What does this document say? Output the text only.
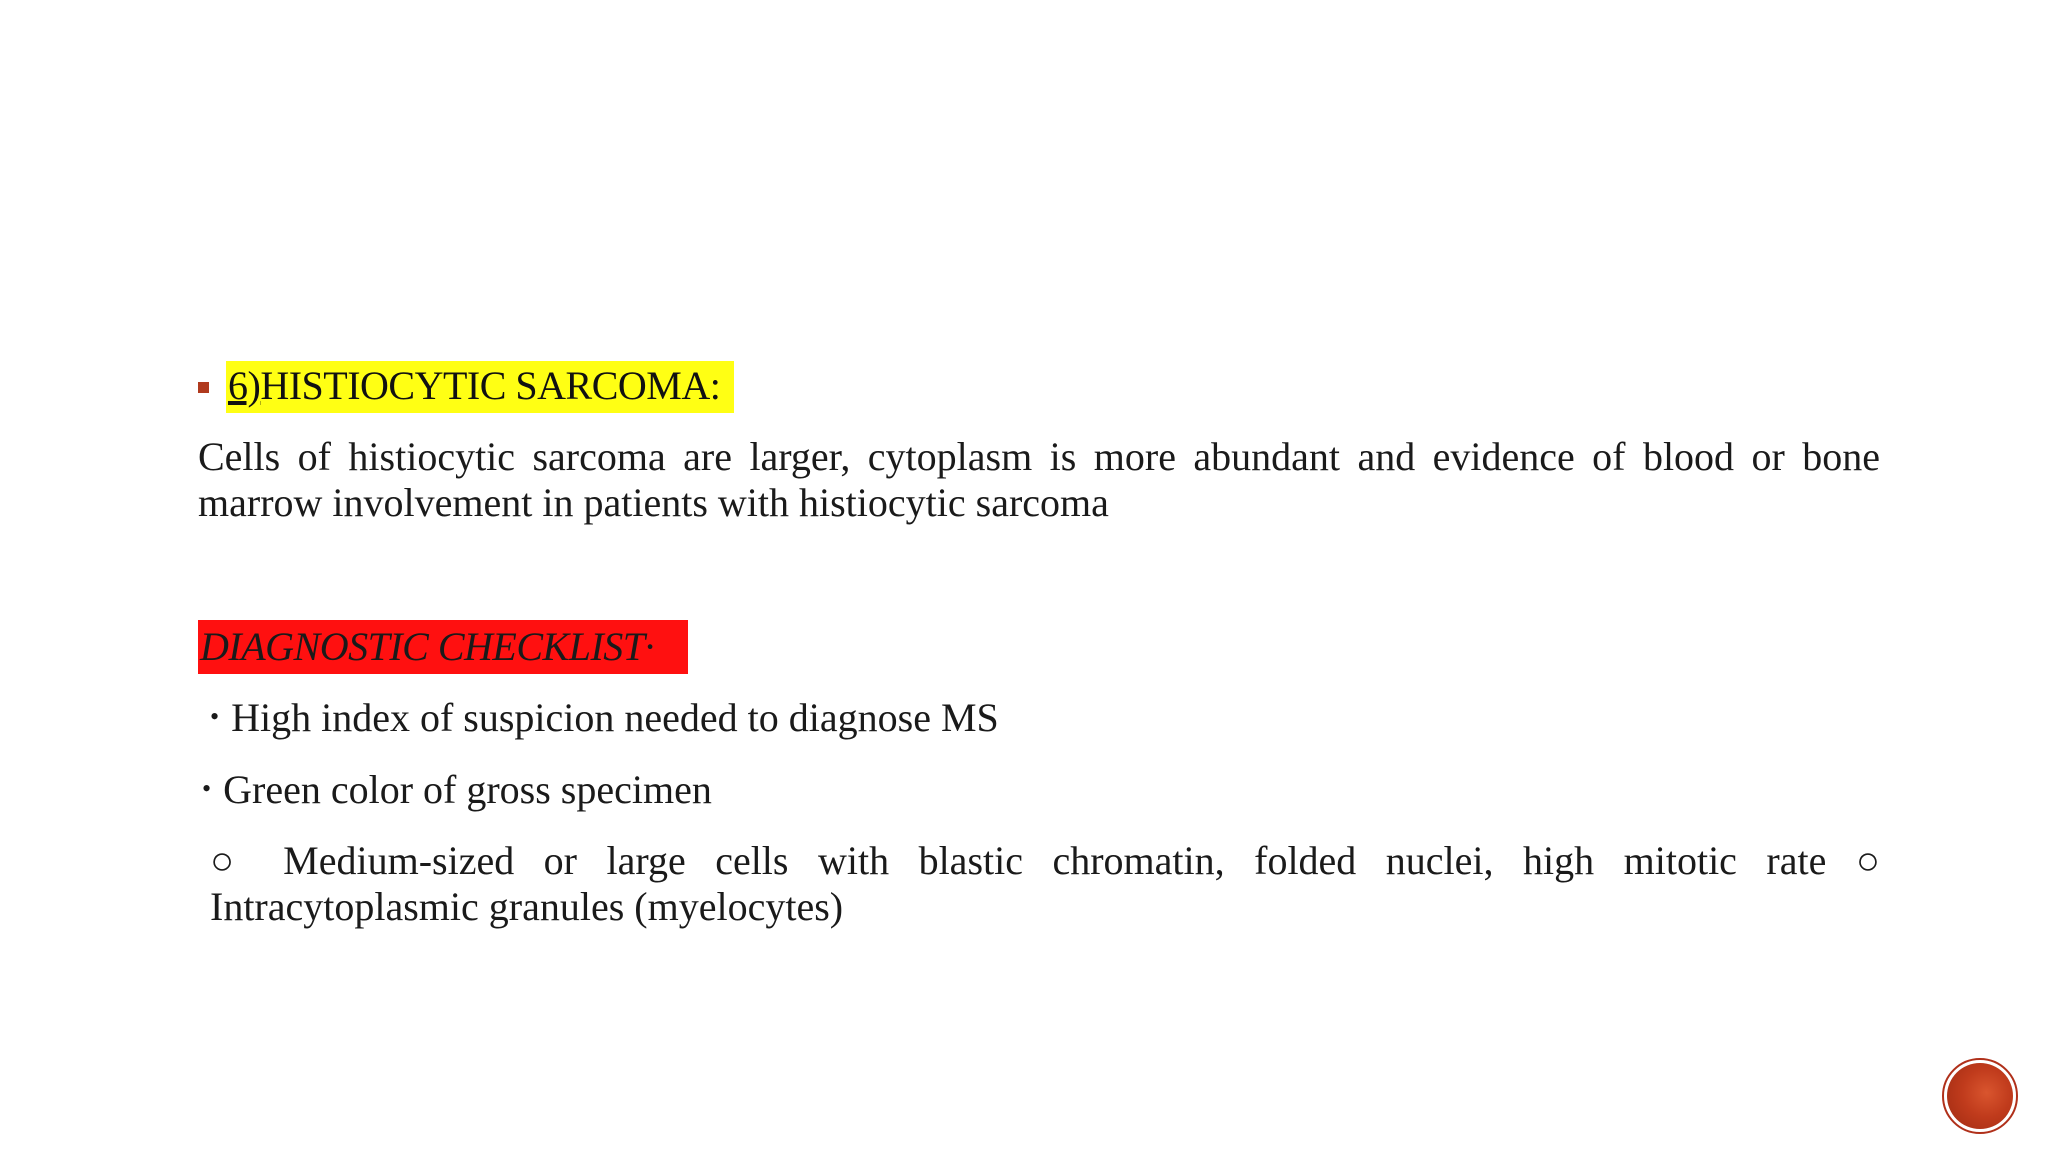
6)HISTIOCYTIC SARCOMA:
Cells of histiocytic sarcoma are larger, cytoplasm is more abundant and evidence of blood or bone marrow involvement in patients with histiocytic sarcoma
DIAGNOSTIC CHECKLIST·
• High index of suspicion needed to diagnose MS
• Green color of gross specimen
○ Medium-sized or large cells with blastic chromatin, folded nuclei, high mitotic rate ○ Intracytoplasmic granules (myelocytes)
